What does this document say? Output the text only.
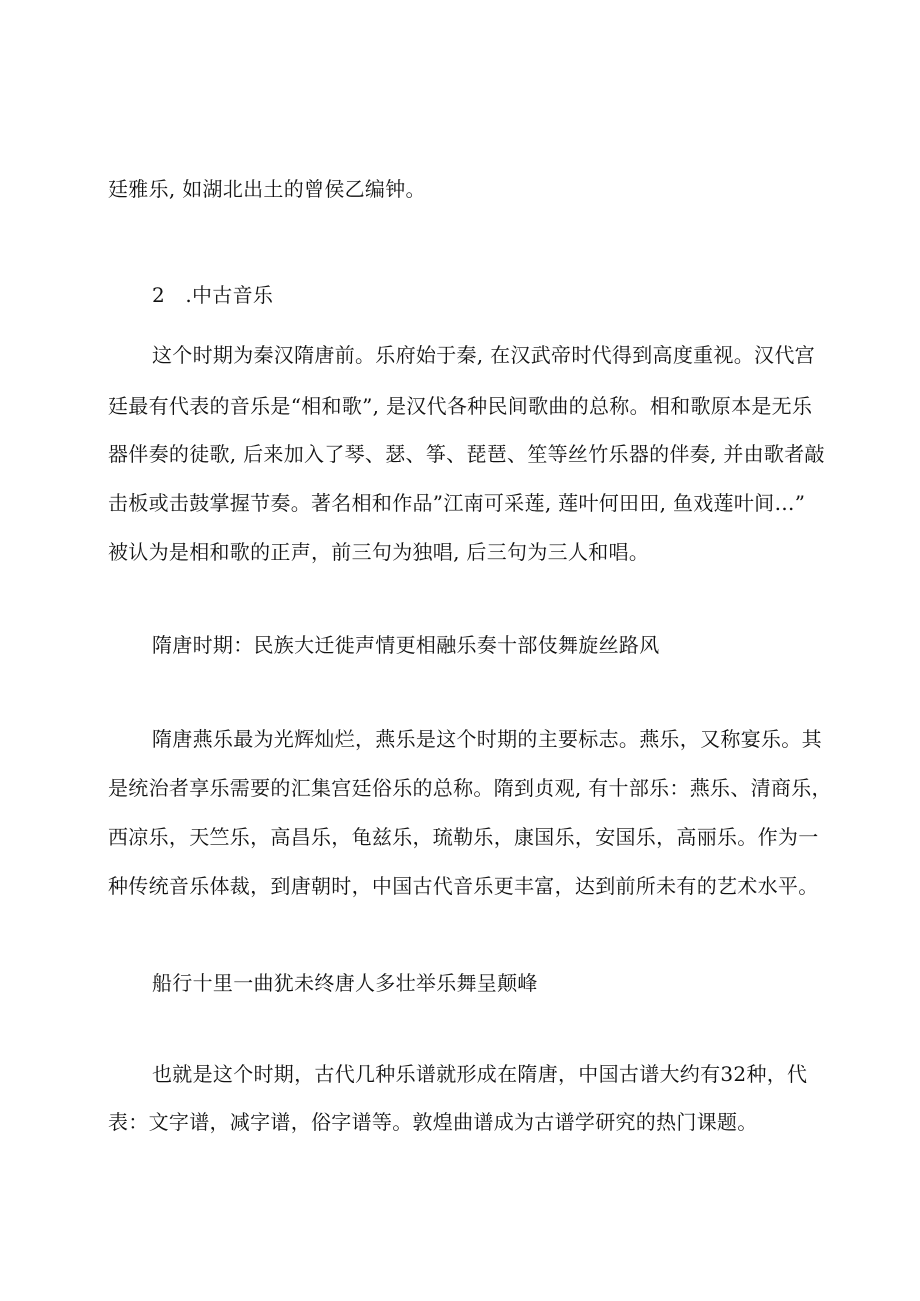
廷雅乐, 如湖北出土的曾侯乙编钟。
2　.中古音乐
这个时期为秦汉隋唐前。乐府始于秦, 在汉武帝时代得到高度重视。汉代宫
廷最有代表的音乐是“相和歌”, 是汉代各种民间歌曲的总称。相和歌原本是无乐
器伴奏的徒歌, 后来加入了琴、瑟、筝、琵琶、笙等丝竹乐器的伴奏, 并由歌者敲
击板或击鼓掌握节奏。著名相和作品”江南可采莲, 莲叶何田田, 鱼戏莲叶间…”
被认为是相和歌的正声，前三句为独唱, 后三句为三人和唱。
隋唐时期：民族大迁徙声情更相融乐奏十部伎舞旋丝路风
隋唐燕乐最为光辉灿烂，燕乐是这个时期的主要标志。燕乐，又称宴乐。其
是统治者享乐需要的汇集宫廷俗乐的总称。隋到贞观, 有十部乐：燕乐、清商乐，
西凉乐，天竺乐，高昌乐，龟兹乐，琉勒乐，康国乐，安国乐，高丽乐。作为一
种传统音乐体裁，到唐朝时，中国古代音乐更丰富，达到前所未有的艺术水平。
船行十里一曲犹未终唐人多壮举乐舞呈颠峰
也就是这个时期，古代几种乐谱就形成在隋唐，中国古谱大约有32种，代
表：文字谱，减字谱，俗字谱等。敦煌曲谱成为古谱学研究的热门课题。
